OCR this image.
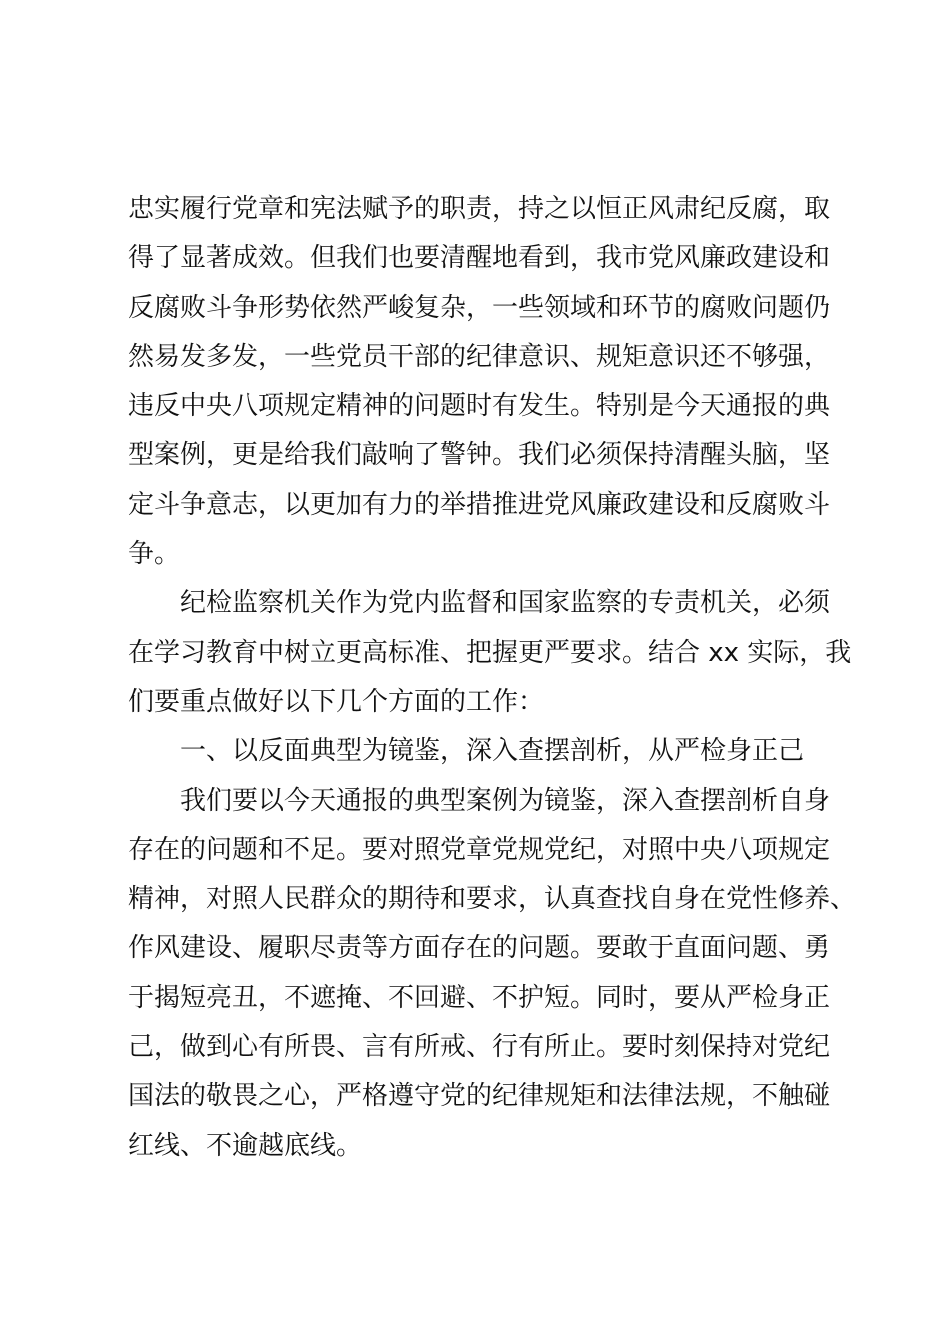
忠实履行党章和宪法赋予的职责，持之以恒正风肃纪反腐，取
得了显著成效。但我们也要清醒地看到，我市党风廉政建设和
反腐败斗争形势依然严峻复杂，一些领域和环节的腐败问题仍
然易发多发，一些党员干部的纪律意识、规矩意识还不够强，
违反中央八项规定精神的问题时有发生。特别是今天通报的典
型案例，更是给我们敲响了警钟。我们必须保持清醒头脑，坚
定斗争意志，以更加有力的举措推进党风廉政建设和反腐败斗
争。
纪检监察机关作为党内监督和国家监察的专责机关，必须
在学习教育中树立更高标准、把握更严要求。结合 xx 实际，我
们要重点做好以下几个方面的工作：
一、以反面典型为镜鉴，深入查摆剖析，从严检身正己
我们要以今天通报的典型案例为镜鉴，深入查摆剖析自身
存在的问题和不足。要对照党章党规党纪，对照中央八项规定
精神，对照人民群众的期待和要求，认真查找自身在党性修养、
作风建设、履职尽责等方面存在的问题。要敢于直面问题、勇
于揭短亮丑，不遮掩、不回避、不护短。同时，要从严检身正
己，做到心有所畏、言有所戒、行有所止。要时刻保持对党纪
国法的敬畏之心，严格遵守党的纪律规矩和法律法规，不触碰
红线、不逾越底线。
